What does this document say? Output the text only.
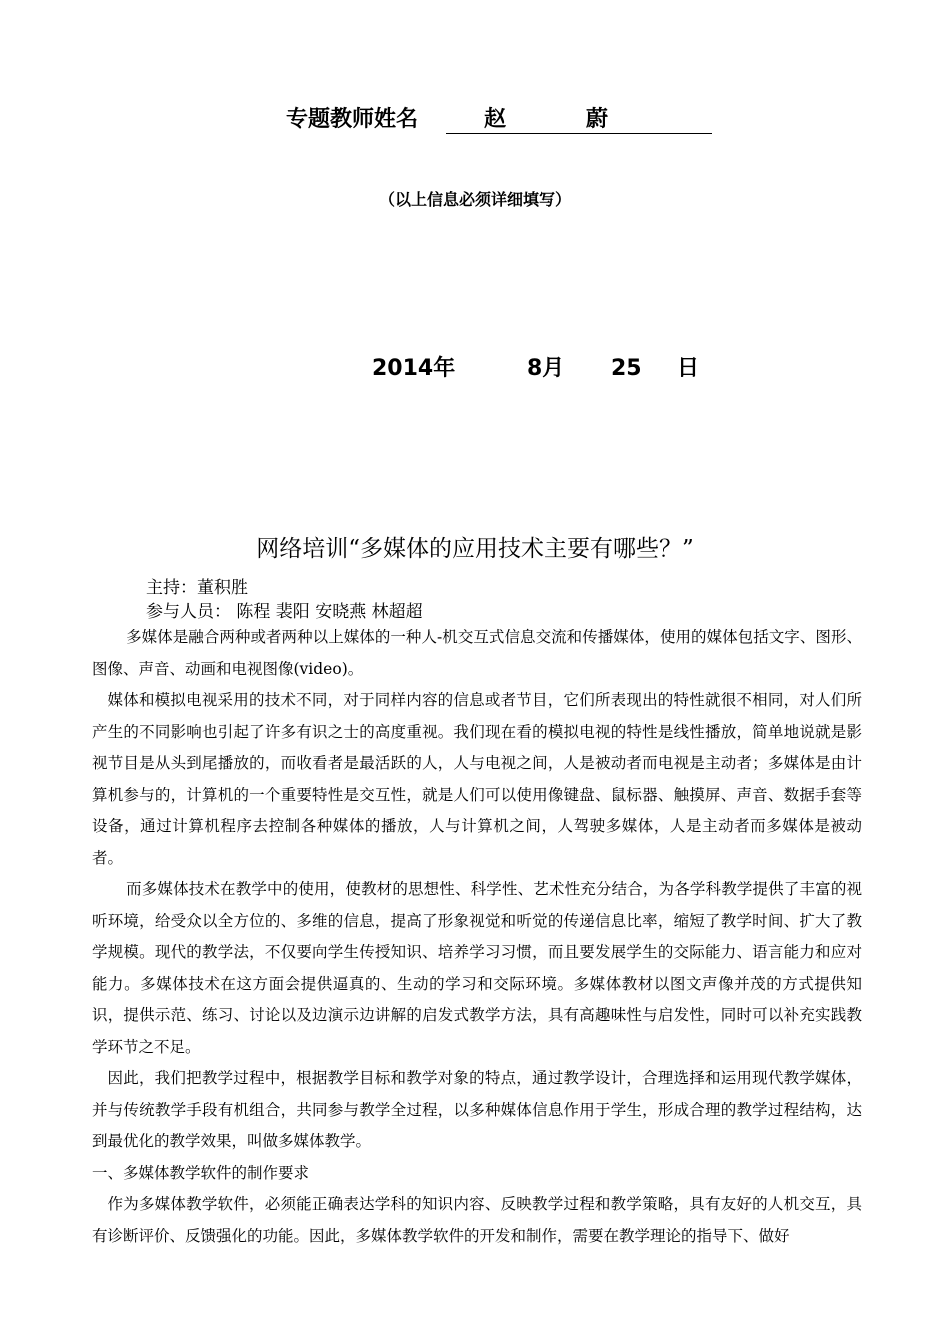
专题教师姓名	赵	蔚
（以上信息必须详细填写）
2014年	8月 25 日
网络培训“多媒体的应用技术主要有哪些？”
主持：董积胜
参与人员： 陈程 裴阳 安晓燕 林超超

多媒体是融合两种或者两种以上媒体的一种人-机交互式信息交流和传播媒体，使用的媒体包括文字、图形、图像、声音、动画和电视图像(video)。

媒体和模拟电视采用的技术不同，对于同样内容的信息或者节目，它们所表现出的特性就很不相同，对人们所产生的不同影响也引起了许多有识之士的高度重视。我们现在看的模拟电视的特性是线性播放，简单地说就是影视节目是从头到尾播放的，而收看者是最活跃的人，人与电视之间，人是被动者而电视是主动者；多媒体是由计算机参与的，计算机的一个重要特性是交互性，就是人们可以使用像键盘、鼠标器、触摸屏、声音、数据手套等设备，通过计算机程序去控制各种媒体的播放，人与计算机之间，人驾驶多媒体，人是主动者而多媒体是被动者。

而多媒体技术在教学中的使用，使教材的思想性、科学性、艺术性充分结合，为各学科教学提供了丰富的视听环境，给受众以全方位的、多维的信息，提高了形象视觉和听觉的传递信息比率，缩短了教学时间、扩大了教学规模。现代的教学法，不仅要向学生传授知识、培养学习习惯，而且要发展学生的交际能力、语言能力和应对能力。多媒体技术在这方面会提供逼真的、生动的学习和交际环境。多媒体教材以图文声像并茂的方式提供知识，提供示范、练习、讨论以及边演示边讲解的启发式教学方法，具有高趣味性与启发性，同时可以补充实践教学环节之不足。

因此，我们把教学过程中，根据教学目标和教学对象的特点，通过教学设计，合理选择和运用现代教学媒体，并与传统教学手段有机组合，共同参与教学全过程，以多种媒体信息作用于学生，形成合理的教学过程结构，达到最优化的教学效果，叫做多媒体教学。

一、多媒体教学软件的制作要求

作为多媒体教学软件，必须能正确表达学科的知识内容、反映教学过程和教学策略，具有友好的人机交互，具有诊断评价、反馈强化的功能。因此，多媒体教学软件的开发和制作，需要在教学理论的指导下、做好
